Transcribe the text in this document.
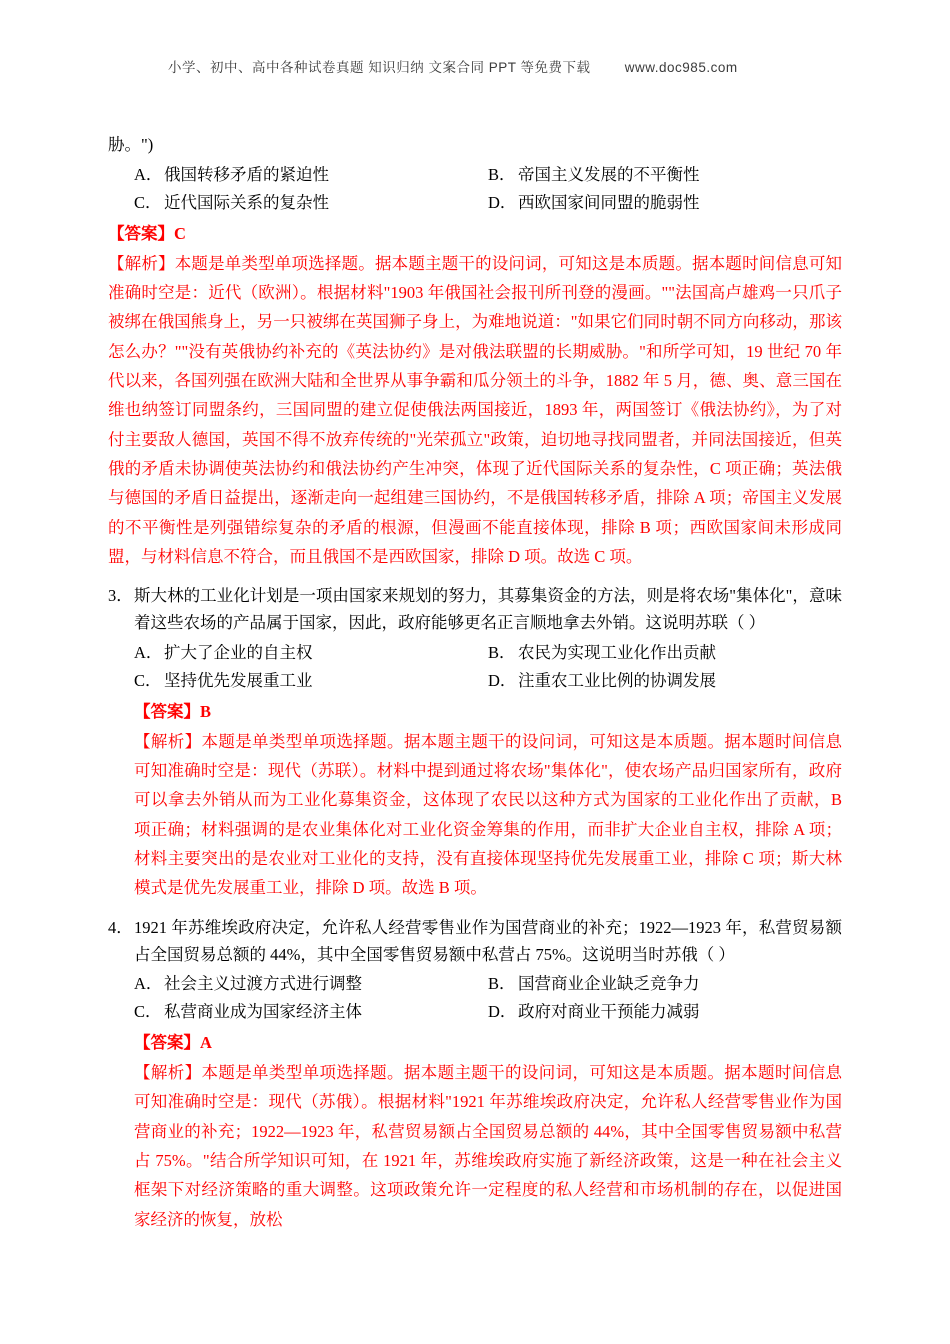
小学、初中、高中各种试卷真题 知识归纳 文案合同 PPT 等免费下载	www.doc985.com
胁。")
A． 俄国转移矛盾的紧迫性	B． 帝国主义发展的不平衡性
C． 近代国际关系的复杂性	D． 西欧国家间同盟的脆弱性
【答案】C
【解析】本题是单类型单项选择题。据本题主题干的设问词，可知这是本质题。据本题时间信息可知准确时空是：近代（欧洲）。根据材料"1903 年俄国社会报刊所刊登的漫画。""法国高卢雄鸡一只爪子被绑在俄国熊身上，另一只被绑在英国狮子身上，为难地说道："如果它们同时朝不同方向移动，那该怎么办？""没有英俄协约补充的《英法协约》是对俄法联盟的长期威胁。"和所学可知，19 世纪 70 年代以来，各国列强在欧洲大陆和全世界从事争霸和瓜分领土的斗争，1882 年 5 月，德、奥、意三国在维也纳签订同盟条约，三国同盟的建立促使俄法两国接近，1893 年，两国签订《俄法协约》，为了对付主要敌人德国，英国不得不放弃传统的"光荣孤立"政策，迫切地寻找同盟者，并同法国接近，但英俄的矛盾未协调使英法协约和俄法协约产生冲突，体现了近代国际关系的复杂性，C 项正确；英法俄与德国的矛盾日益提出，逐渐走向一起组建三国协约，不是俄国转移矛盾，排除 A 项；帝国主义发展的不平衡性是列强错综复杂的矛盾的根源，但漫画不能直接体现，排除 B 项；西欧国家间未形成同盟，与材料信息不符合，而且俄国不是西欧国家，排除 D 项。故选 C 项。
3． 斯大林的工业化计划是一项由国家来规划的努力，其募集资金的方法，则是将农场"集体化"，意味着这些农场的产品属于国家，因此，政府能够更名正言顺地拿去外销。这说明苏联（ ）
A． 扩大了企业的自主权	B． 农民为实现工业化作出贡献
C． 坚持优先发展重工业	D． 注重农工业比例的协调发展
【答案】B
【解析】本题是单类型单项选择题。据本题主题干的设问词，可知这是本质题。据本题时间信息可知准确时空是：现代（苏联）。材料中提到通过将农场"集体化"，使农场产品归国家所有，政府可以拿去外销从而为工业化募集资金，这体现了农民以这种方式为国家的工业化作出了贡献，B 项正确；材料强调的是农业集体化对工业化资金筹集的作用，而非扩大企业自主权，排除 A 项；材料主要突出的是农业对工业化的支持，没有直接体现坚持优先发展重工业，排除 C 项；斯大林模式是优先发展重工业，排除 D 项。故选 B 项。
4． 1921 年苏维埃政府决定，允许私人经营零售业作为国营商业的补充；1922—1923 年，私营贸易额占全国贸易总额的 44%，其中全国零售贸易额中私营占 75%。这说明当时苏俄（ ）
A． 社会主义过渡方式进行调整	B． 国营商业企业缺乏竞争力
C． 私营商业成为国家经济主体	D． 政府对商业干预能力减弱
【答案】A
【解析】本题是单类型单项选择题。据本题主题干的设问词，可知这是本质题。据本题时间信息可知准确时空是：现代（苏俄）。根据材料"1921 年苏维埃政府决定，允许私人经营零售业作为国营商业的补充；1922—1923 年，私营贸易额占全国贸易总额的 44%，其中全国零售贸易额中私营占 75%。"结合所学知识可知，在 1921 年，苏维埃政府实施了新经济政策，这是一种在社会主义框架下对经济策略的重大调整。这项政策允许一定程度的私人经营和市场机制的存在，以促进国家经济的恢复，放松
